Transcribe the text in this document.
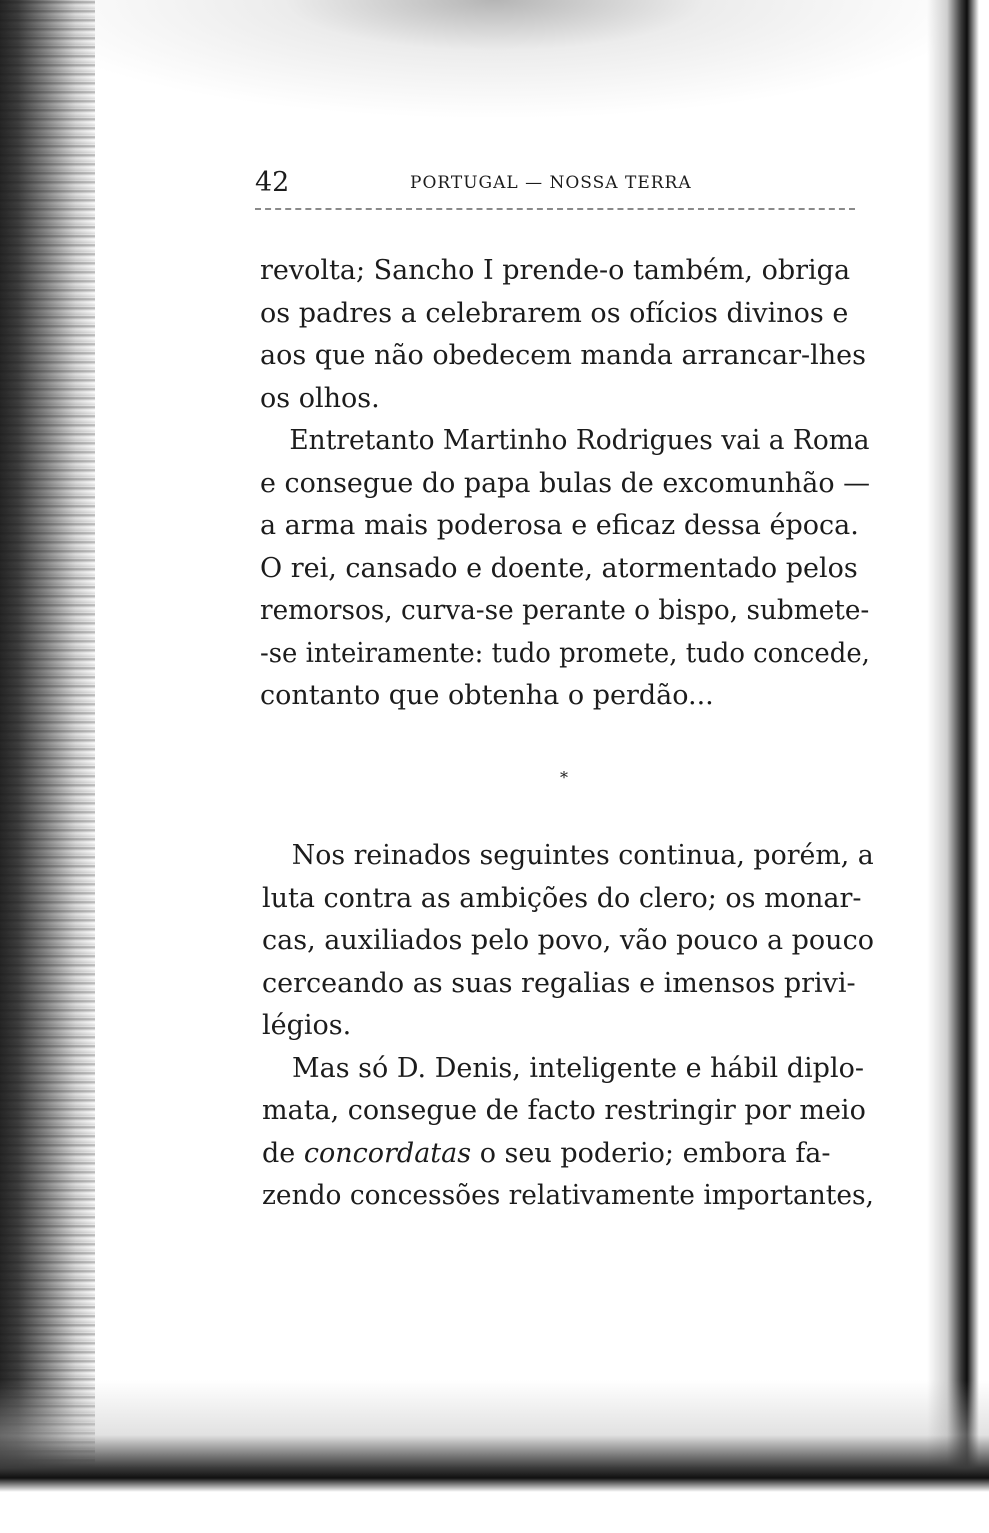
42	PORTUGAL — NOSSA TERRA
revolta; Sancho I prende-o também, obriga
os padres a celebrarem os ofícios divinos e
aos que não obedecem manda arrancar-lhes
os olhos.
Entretanto Martinho Rodrigues vai a Roma
e consegue do papa bulas de excomunhão —
a arma mais poderosa e eficaz dessa época.
O rei, cansado e doente, atormentado pelos
remorsos, curva-se perante o bispo, submete-
-se inteiramente: tudo promete, tudo concede,
contanto que obtenha o perdão...
*
Nos reinados seguintes continua, porém, a
luta contra as ambições do clero; os monar-
cas, auxiliados pelo povo, vão pouco a pouco
cerceando as suas regalias e imensos privi-
légios.
Mas só D. Denis, inteligente e hábil diplo-
mata, consegue de facto restringir por meio
de concordatas o seu poderio; embora fa-
zendo concessões relativamente importantes,
